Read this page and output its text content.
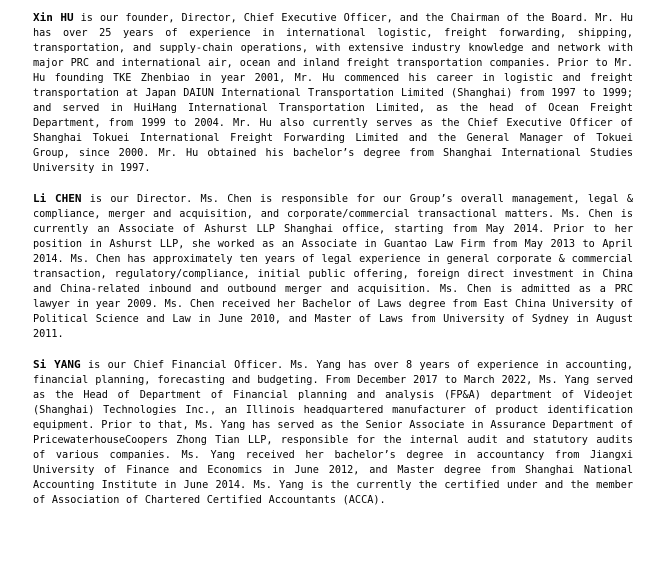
Xin HU is our founder, Director, Chief Executive Officer, and the Chairman of the Board. Mr. Hu has over 25 years of experience in international logistic, freight forwarding, shipping, transportation, and supply-chain operations, with extensive industry knowledge and network with major PRC and international air, ocean and inland freight transportation companies. Prior to Mr. Hu founding TKE Zhenbiao in year 2001, Mr. Hu commenced his career in logistic and freight transportation at Japan DAIUN International Transportation Limited (Shanghai) from 1997 to 1999; and served in HuiHang International Transportation Limited, as the head of Ocean Freight Department, from 1999 to 2004. Mr. Hu also currently serves as the Chief Executive Officer of Shanghai Tokuei International Freight Forwarding Limited and the General Manager of Tokuei Group, since 2000. Mr. Hu obtained his bachelor’s degree from Shanghai International Studies University in 1997.

Li CHEN is our Director. Ms. Chen is responsible for our Group’s overall management, legal & compliance, merger and acquisition, and corporate/commercial transactional matters. Ms. Chen is currently an Associate of Ashurst LLP Shanghai office, starting from May 2014. Prior to her position in Ashurst LLP, she worked as an Associate in Guantao Law Firm from May 2013 to April 2014. Ms. Chen has approximately ten years of legal experience in general corporate & commercial transaction, regulatory/compliance, initial public offering, foreign direct investment in China and China-related inbound and outbound merger and acquisition. Ms. Chen is admitted as a PRC lawyer in year 2009. Ms. Chen received her Bachelor of Laws degree from East China University of Political Science and Law in June 2010, and Master of Laws from University of Sydney in August 2011.

Si YANG is our Chief Financial Officer. Ms. Yang has over 8 years of experience in accounting, financial planning, forecasting and budgeting. From December 2017 to March 2022, Ms. Yang served as the Head of Department of Financial planning and analysis (FP&A) department of Videojet (Shanghai) Technologies Inc., an Illinois headquartered manufacturer of product identification equipment. Prior to that, Ms. Yang has served as the Senior Associate in Assurance Department of PricewaterhouseCoopers Zhong Tian LLP, responsible for the internal audit and statutory audits of various companies. Ms. Yang received her bachelor’s degree in accountancy from Jiangxi University of Finance and Economics in June 2012, and Master degree from Shanghai National Accounting Institute in June 2014. Ms. Yang is the currently the certified under and the member of Association of Chartered Certified Accountants (ACCA).
